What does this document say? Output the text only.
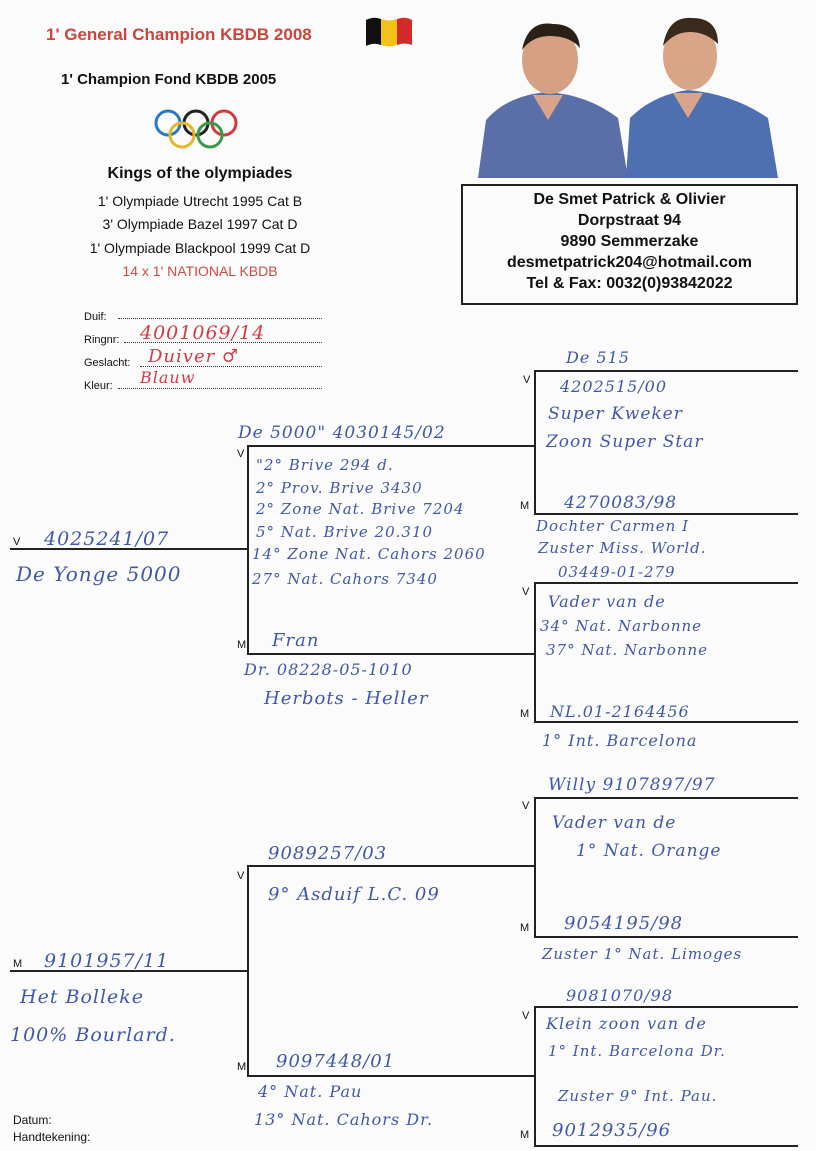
1' General Champion KBDB 2008
1' Champion Fond KBDB 2005
Kings of the olympiades
1' Olympiade Utrecht 1995 Cat B
3' Olympiade Bazel 1997 Cat D
1' Olympiade Blackpool 1999 Cat D
14 x 1' NATIONAL KBDB
De Smet Patrick & Olivier
Dorpstraat 94
9890 Semmerzake
desmetpatrick204@hotmail.com
Tel & Fax: 0032(0)93842022
Duif:
Ringnr: 4001069/14
Geslacht: Duiver ♂
Kleur: Blauw
V 4025241/07
De Yonge 5000
M 9101957/11
Het Bolleke
100% Bourlard.
V
De 5000" 4030145/02
"2° Brive 294 d.
2° Prov. Brive 3430
2° Zone Nat. Brive 7204
5° Nat. Brive 20.310
14° Zone Nat. Cahors 2060
27° Nat. Cahors 7340
M Fran
Dr. 08228-05-1010
Herbots - Heller
V
9089257/03
9° Asduif L.C. 09
M 9097448/01
4° Nat. Pau
13° Nat. Cahors Dr.
V
De 515
4202515/00
Super Kweker
Zoon Super Star
M 4270083/98
Dochter Carmen I
Zuster Miss. World.
V
03449-01-279
Vader van de
34° Nat. Narbonne
37° Nat. Narbonne
M NL.01-2164456
1° Int. Barcelona
V
Willy 9107897/97
Vader van de
1° Nat. Orange
M 9054195/98
Zuster 1° Nat. Limoges
V
9081070/98
Klein zoon van de
1° Int. Barcelona Dr.
M
Zuster 9° Int. Pau.
9012935/96
Datum:
Handtekening:
